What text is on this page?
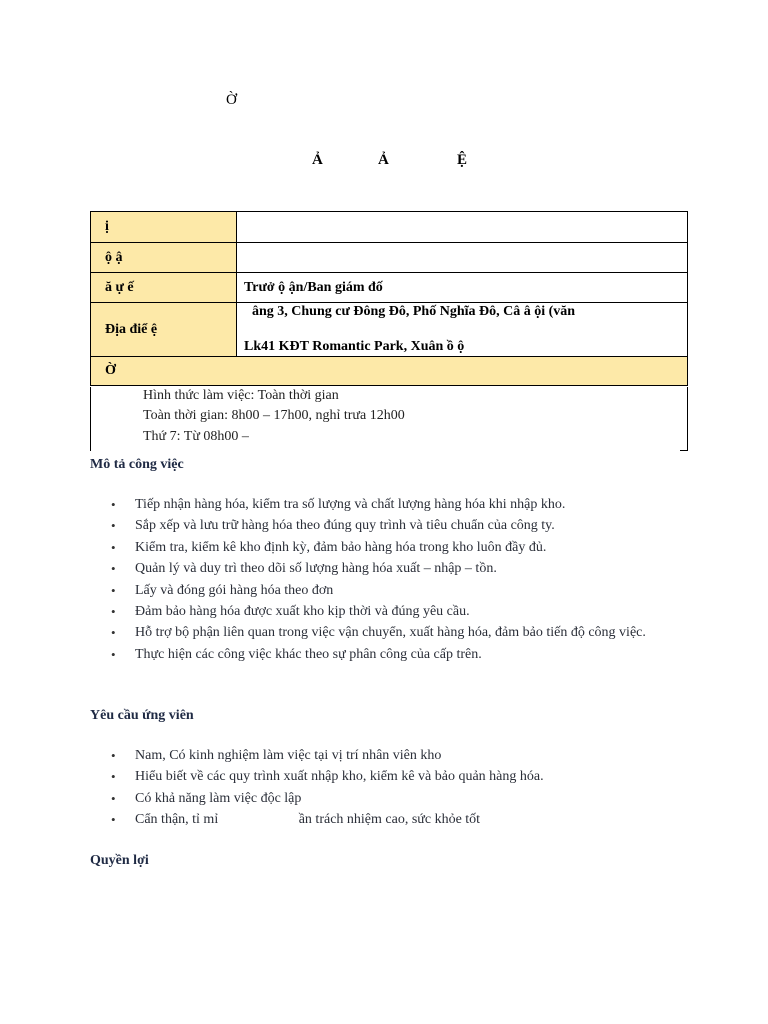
Ờ
Ả	Ả	Ệ
ị	
ộ ậ	
ă ự ế	Trưở ộ ận/Ban giám đố
Địa điể ệ	âng 3, Chung cư Đông Đô, Phố Nghĩa Đô, Câ â ội (văn
Lk41 KĐT Romantic Park, Xuân ồ ộ

Ờ	
Hình thức làm việc: Toàn thời gian
Toàn thời gian: 8h00 – 17h00, nghỉ trưa 12h00
Thứ 7: Từ 08h00 –
Mô tả công việc
• Tiếp nhận hàng hóa, kiểm tra số lượng và chất lượng hàng hóa khi nhập kho.
• Sắp xếp và lưu trữ hàng hóa theo đúng quy trình và tiêu chuẩn của công ty.
• Kiểm tra, kiểm kê kho định kỳ, đảm bảo hàng hóa trong kho luôn đầy đủ.
• Quản lý và duy trì theo dõi số lượng hàng hóa xuất – nhập – tồn.
• Lấy và đóng gói hàng hóa theo đơn
• Đảm bảo hàng hóa được xuất kho kịp thời và đúng yêu cầu.
• Hỗ trợ bộ phận liên quan trong việc vận chuyển, xuất hàng hóa, đảm bảo tiến độ công việc.
• Thực hiện các công việc khác theo sự phân công của cấp trên.
Yêu cầu ứng viên
• Nam, Có kinh nghiệm làm việc tại vị trí nhân viên kho
• Hiểu biết về các quy trình xuất nhập kho, kiểm kê và bảo quản hàng hóa.
• Có khả năng làm việc độc lập
• Cẩn thận, tỉ mỉ                       ần trách nhiệm cao, sức khỏe tốt
Quyền lợi
